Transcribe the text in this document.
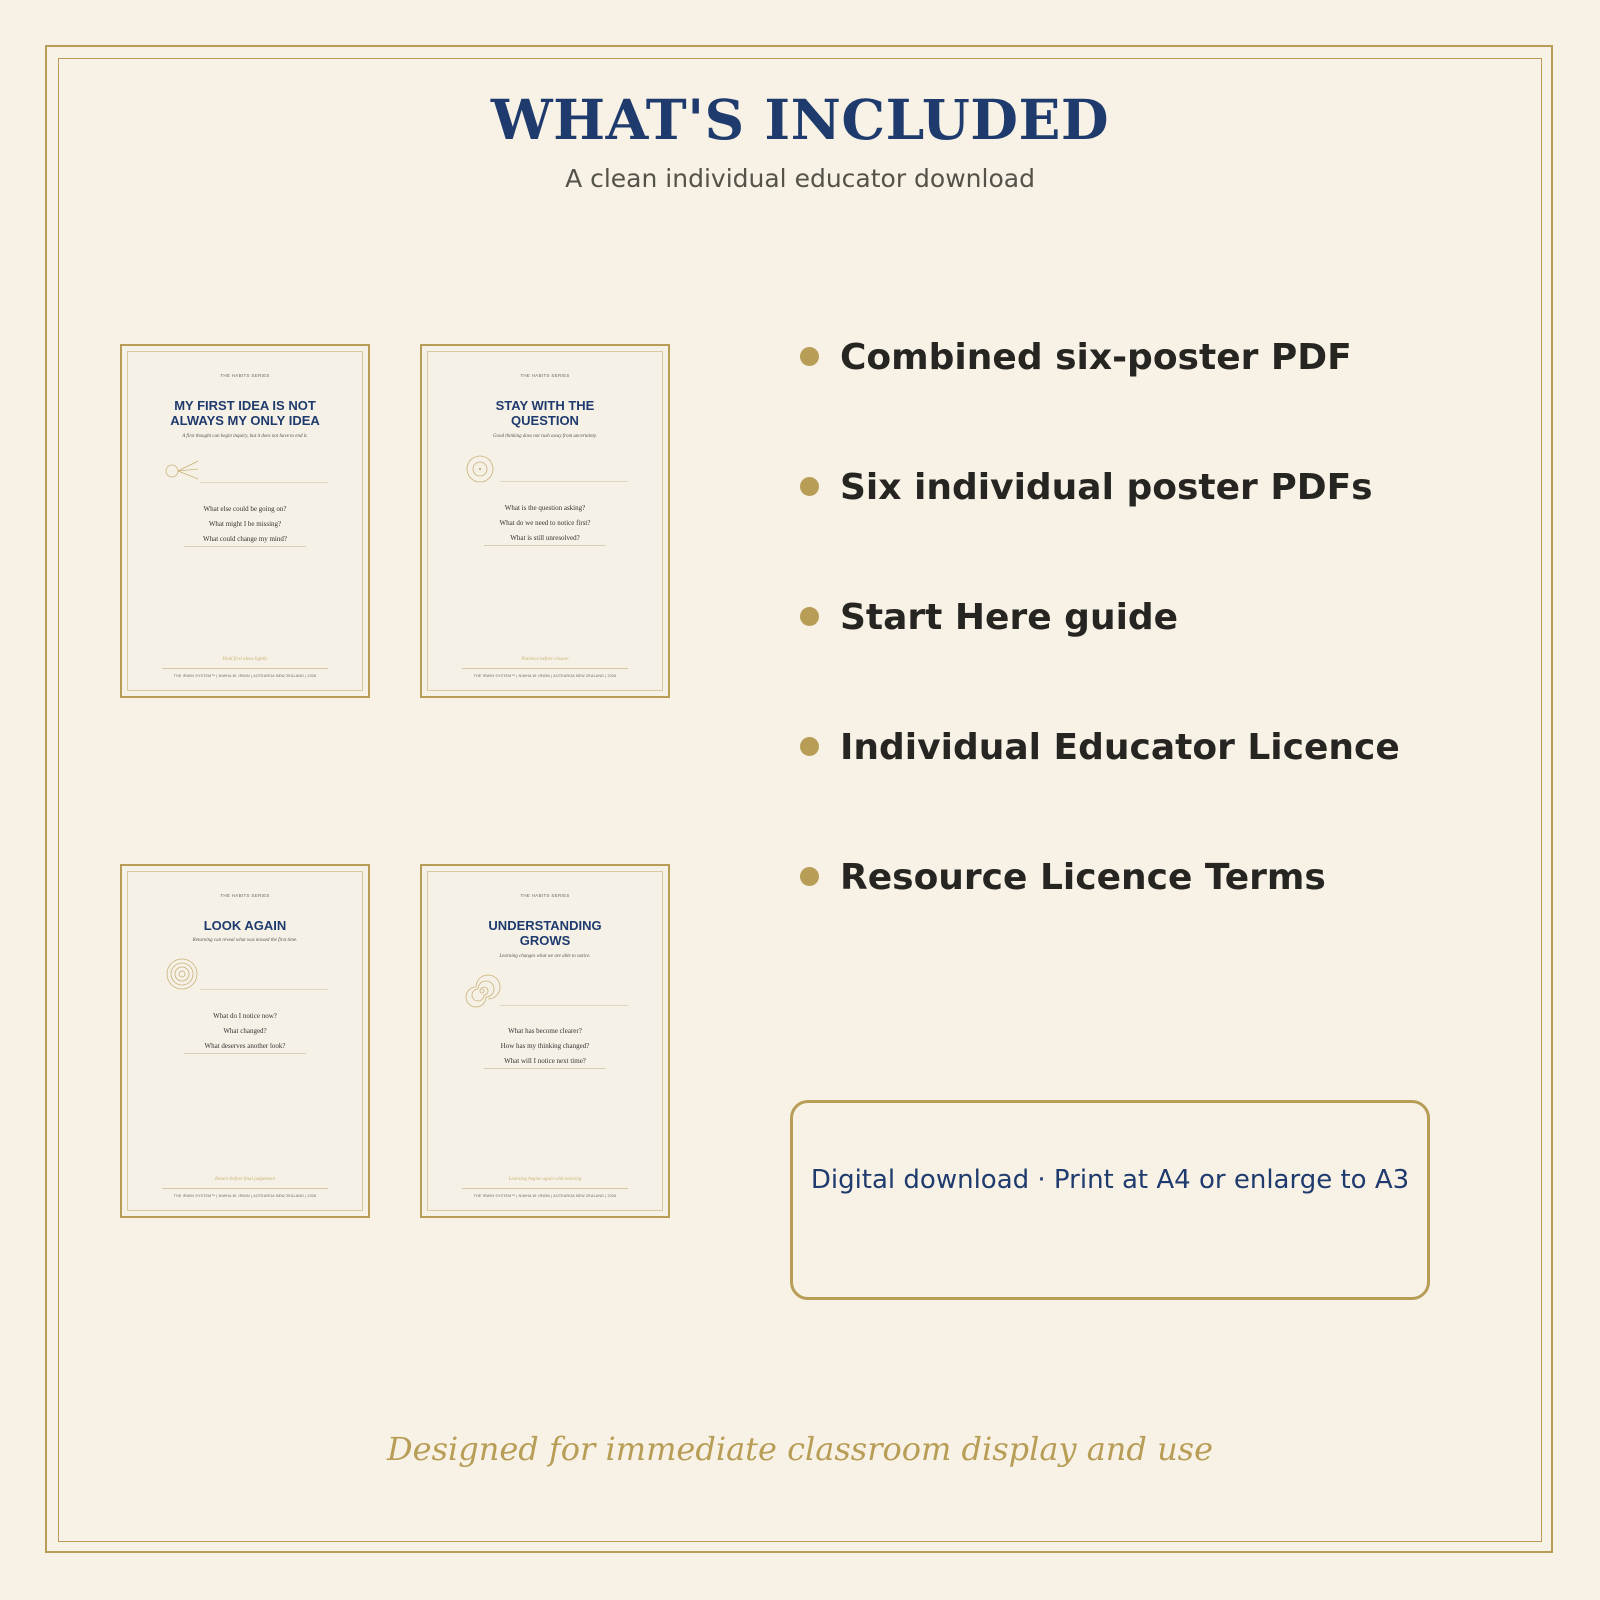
WHAT'S INCLUDED
A clean individual educator download
THE HABITS SERIES
MY FIRST IDEA IS NOT
ALWAYS MY ONLY IDEA
A first thought can begin inquiry, but it does not have to end it.
What else could be going on?
What might I be missing?
What could change my mind?
Hold first ideas lightly
THE IRWIN SYSTEM™ | NIWHA W. IRWIN | AOTEAROA NEW ZEALAND | 2026
THE HABITS SERIES
STAY WITH THE
QUESTION
Good thinking does not rush away from uncertainty.
What is the question asking?
What do we need to notice first?
What is still unresolved?
Patience before closure
THE IRWIN SYSTEM™ | NIWHA W. IRWIN | AOTEAROA NEW ZEALAND | 2026
THE HABITS SERIES
LOOK AGAIN
Returning can reveal what was missed the first time.
What do I notice now?
What changed?
What deserves another look?
Return before final judgement
THE IRWIN SYSTEM™ | NIWHA W. IRWIN | AOTEAROA NEW ZEALAND | 2026
THE HABITS SERIES
UNDERSTANDING
GROWS
Learning changes what we are able to notice.
What has become clearer?
How has my thinking changed?
What will I notice next time?
Learning begins again with noticing
THE IRWIN SYSTEM™ | NIWHA W. IRWIN | AOTEAROA NEW ZEALAND | 2026
Combined six-poster PDF
Six individual poster PDFs
Start Here guide
Individual Educator Licence
Resource Licence Terms
Digital download · Print at A4 or enlarge to A3
Designed for immediate classroom display and use
